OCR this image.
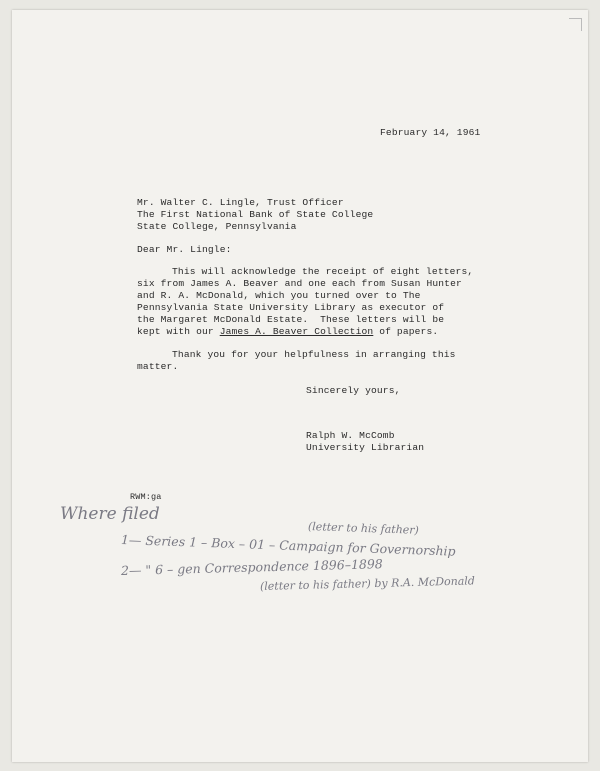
February 14, 1961
Mr. Walter C. Lingle, Trust Officer
The First National Bank of State College
State College, Pennsylvania
Dear Mr. Lingle:
This will acknowledge the receipt of eight letters,
six from James A. Beaver and one each from Susan Hunter
and R. A. McDonald, which you turned over to The
Pennsylvania State University Library as executor of
the Margaret McDonald Estate.  These letters will be
kept with our James A. Beaver Collection of papers.
Thank you for your helpfulness in arranging this
matter.
Sincerely yours,
Ralph W. McComb
University Librarian
RWM:ga
Where filed
1— Series 1 – Box – 01 – Campaign for Governorship
(letter to his father)
2— " 6 – gen Correspondence 1896–1898
(letter to his father) by R.A. McDonald
